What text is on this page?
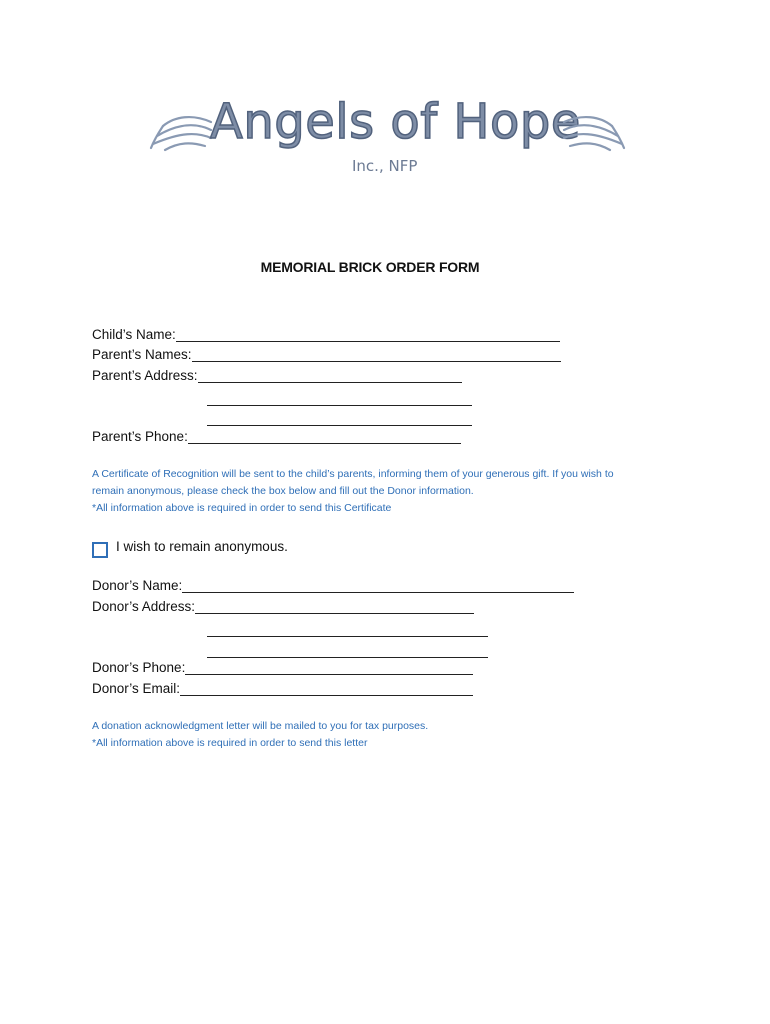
Angels of Hope
Inc., NFP
MEMORIAL BRICK ORDER FORM
Child’s Name:
Parent’s Names:
Parent’s Address:
Parent’s Phone:
A Certificate of Recognition will be sent to the child’s parents, informing them of your generous gift. If you wish to
remain anonymous, please check the box below and fill out the Donor information.
*All information above is required in order to send this Certificate
I wish to remain anonymous.
Donor’s Name:
Donor’s Address:
Donor’s Phone:
Donor’s Email:
A donation acknowledgment letter will be mailed to you for tax purposes.
*All information above is required in order to send this letter
